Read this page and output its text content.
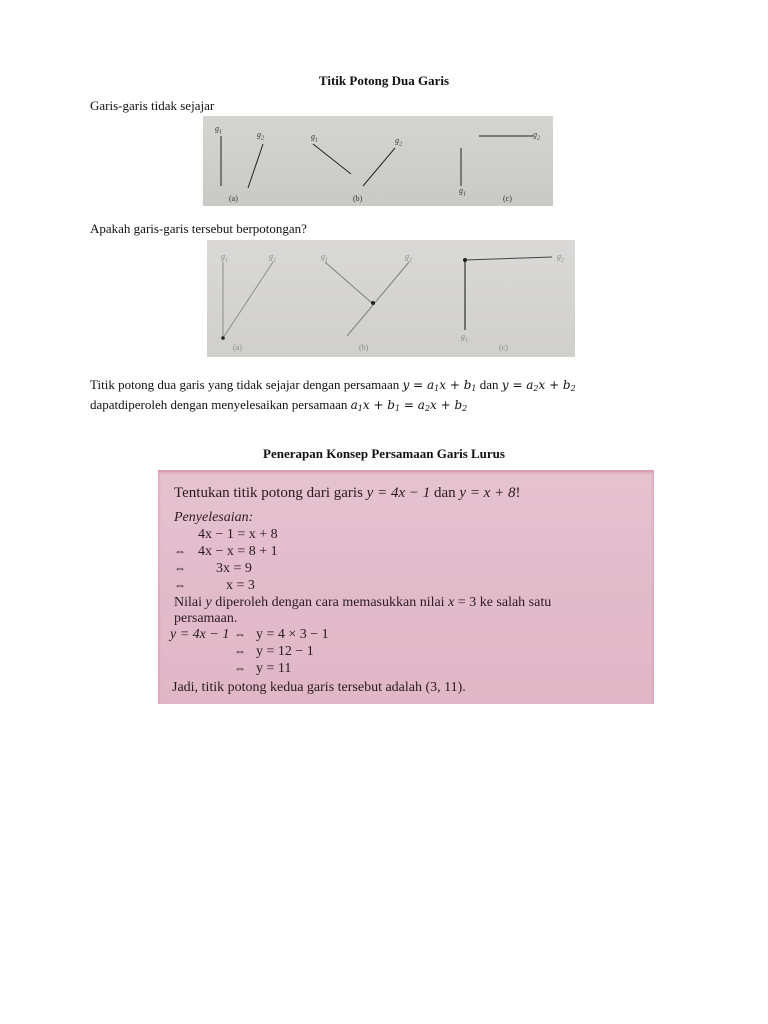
Titik Potong Dua Garis
Garis-garis tidak sejajar
$g_1$	$g_2$	$g_1$	$g_2$
$g_1$
$g_2$
(a)	(b)	(c)
Apakah garis-garis tersebut berpotongan?
$g_1$	$g_2$	$g_1$	$g_2$
$g_1$
$g_2$
(a)	(b)	(c)
Titik potong dua garis yang tidak sejajar dengan persamaan $y = a_1x + b_1$ dan $y = a_2x + b_2$
dapatdiperoleh dengan menyelesaikan persamaan $a_1x + b_1 = a_2x + b_2$
Penerapan Konsep Persamaan Garis Lurus
Tentukan titik potong dari garis y = 4x − 1 dan y = x + 8!
Penyelesaian:
4x − 1 = x + 8
⇔ 4x − x = 8 + 1
⇔ 3x = 9
⇔	x = 3
Nilai y diperoleh dengan cara memasukkan nilai x = 3 ke salah satu
persamaan.
y = 4x − 1 ⇔ y = 4 × 3 − 1
⇔ y = 12 − 1
⇔ y = 11
Jadi, titik potong kedua garis tersebut adalah (3, 11).
